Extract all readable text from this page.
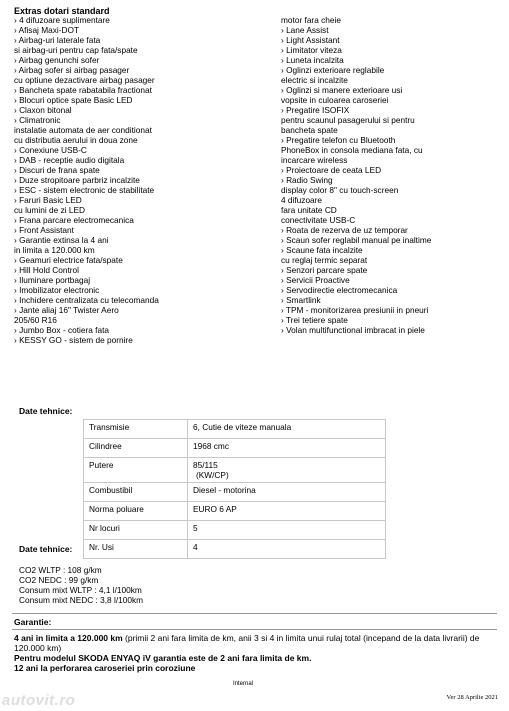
Extras dotari standard
› 4 difuzoare suplimentare
› Afisaj Maxi-DOT
› Airbag-uri laterale fata
si airbag-uri pentru cap fata/spate
› Airbag genunchi sofer
› Airbag sofer si airbag pasager
cu optiune dezactivare airbag pasager
› Bancheta spate rabatabila fractionat
› Blocuri optice spate Basic LED
› Claxon bitonal
› Climatronic
instalatie automata de aer conditionat
cu distributia aerului in doua zone
› Conexiune USB-C
› DAB - receptie audio digitala
› Discuri de frana spate
› Duze stropitoare parbriz incalzite
› ESC - sistem electronic de stabilitate
› Faruri Basic LED
cu lumini de zi LED
› Frana parcare electromecanica
› Front Assistant
› Garantie extinsa la 4 ani
in limita a 120.000 km
› Geamuri electrice fata/spate
› Hill Hold Control
› Iluminare portbagaj
› Imobilizator electronic
› Inchidere centralizata cu telecomanda
› Jante aliaj 16" Twister Aero
205/60 R16
› Jumbo Box - cotiera fata
› KESSY GO - sistem de pornire
motor fara cheie
› Lane Assist
› Light Assistant
› Limitator viteza
› Luneta incalzita
› Oglinzi exterioare reglabile
electric si incalzite
› Oglinzi si manere exterioare usi
vopsite in culoarea caroseriei
› Pregatire ISOFIX
pentru scaunul pasagerului si pentru
bancheta spate
› Pregatire telefon cu Bluetooth
PhoneBox in consola mediana fata, cu
incarcare wireless
› Proiectoare de ceata LED
› Radio Swing
display color 8" cu touch-screen
4 difuzoare
fara unitate CD
conectivitate USB-C
› Roata de rezerva de uz temporar
› Scaun sofer reglabil manual pe inaltime
› Scaune fata incalzite
cu reglaj termic separat
› Senzori parcare spate
› Servicii Proactive
› Servodirectie electromecanica
› Smartlink
› TPM - monitorizarea presiunii in pneuri
› Trei tetiere spate
› Volan multifunctional imbracat in piele
Date tehnice:
Transmisie	6, Cutie de viteze manuala

Cilindree	1968 cmc

Putere	85/115
(KW/CP)

Combustibil	Diesel - motorina

Norma poluare	EURO 6 AP

Nr locuri	5

Nr. Usi	4
Date tehnice:
CO2 WLTP : 108 g/km
CO2 NEDC : 99 g/km
Consum mixt WLTP : 4,1 l/100km
Consum mixt NEDC : 3,8 l/100km
Garantie:
4 ani in limita a 120.000 km (primii 2 ani fara limita de km, anii 3 si 4 in limita unui rulaj total (incepand de la data livrarii) de 120.000 km)
Pentru modelul SKODA ENYAQ iV garantia este de 2 ani fara limita de km.
12 ani la perforarea caroseriei prin coroziune
Internal
Ver 28 Aprilie 2021
autovit.ro
